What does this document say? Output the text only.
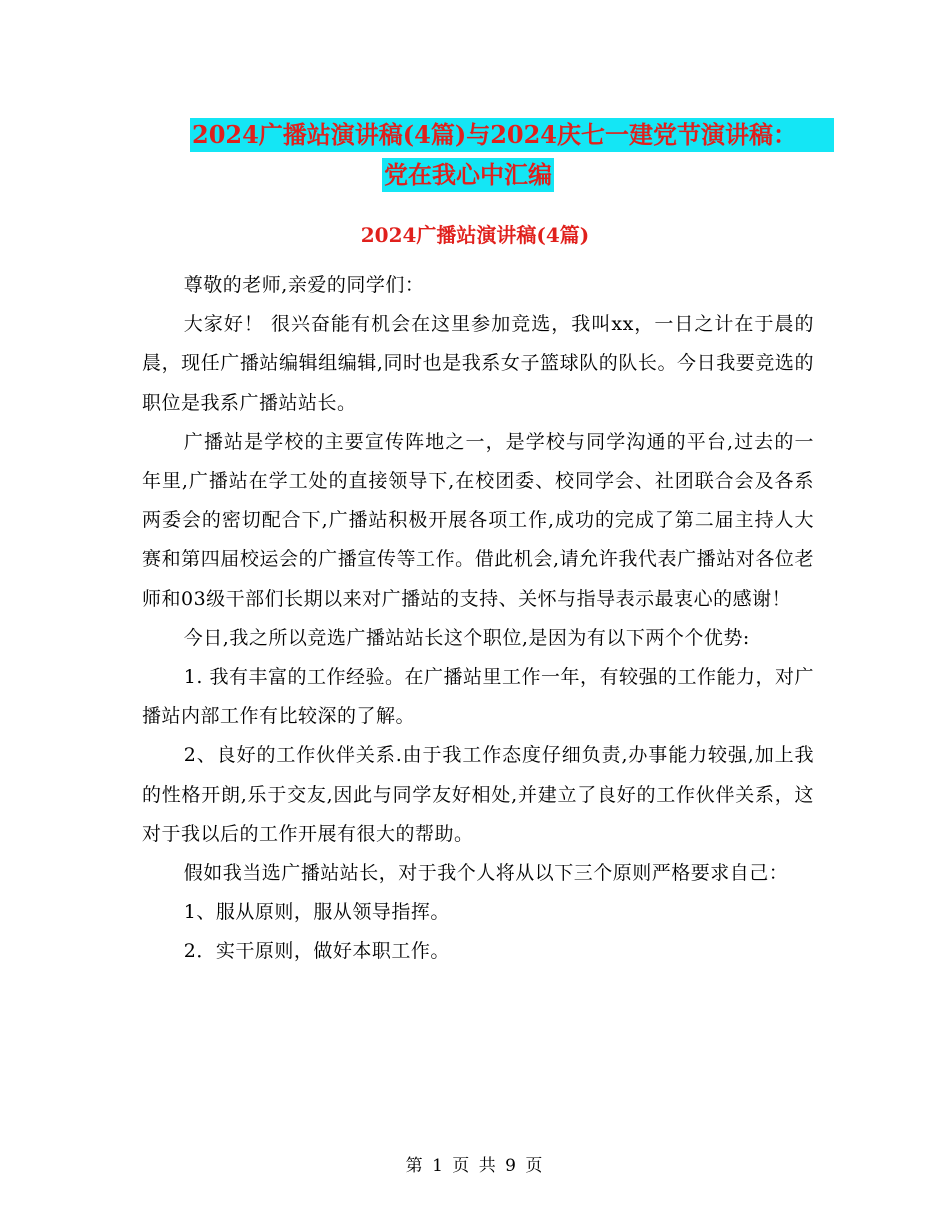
2024广播站演讲稿(4篇)与2024庆七一建党节演讲稿：
党在我心中汇编
2024广播站演讲稿(4篇)

尊敬的老师,亲爱的同学们：

大家好！ 很兴奋能有机会在这里参加竞选，我叫xx，一日之计在于晨的晨，现任广播站编辑组编辑,同时也是我系女子篮球队的队长。今日我要竞选的职位是我系广播站站长。

广播站是学校的主要宣传阵地之一，是学校与同学沟通的平台,过去的一年里,广播站在学工处的直接领导下,在校团委、校同学会、社团联合会及各系两委会的密切配合下,广播站积极开展各项工作,成功的完成了第二届主持人大赛和第四届校运会的广播宣传等工作。借此机会,请允许我代表广播站对各位老师和03级干部们长期以来对广播站的支持、关怀与指导表示最衷心的感谢！

今日,我之所以竞选广播站站长这个职位,是因为有以下两个个优势:

1. 我有丰富的工作经验。在广播站里工作一年，有较强的工作能力，对广播站内部工作有比较深的了解。

2、良好的工作伙伴关系.由于我工作态度仔细负责,办事能力较强,加上我的性格开朗,乐于交友,因此与同学友好相处,并建立了良好的工作伙伴关系，这对于我以后的工作开展有很大的帮助。

假如我当选广播站站长，对于我个人将从以下三个原则严格要求自己：

1、服从原则，服从领导指挥。

2．实干原则，做好本职工作。

第 1 页 共 9 页
